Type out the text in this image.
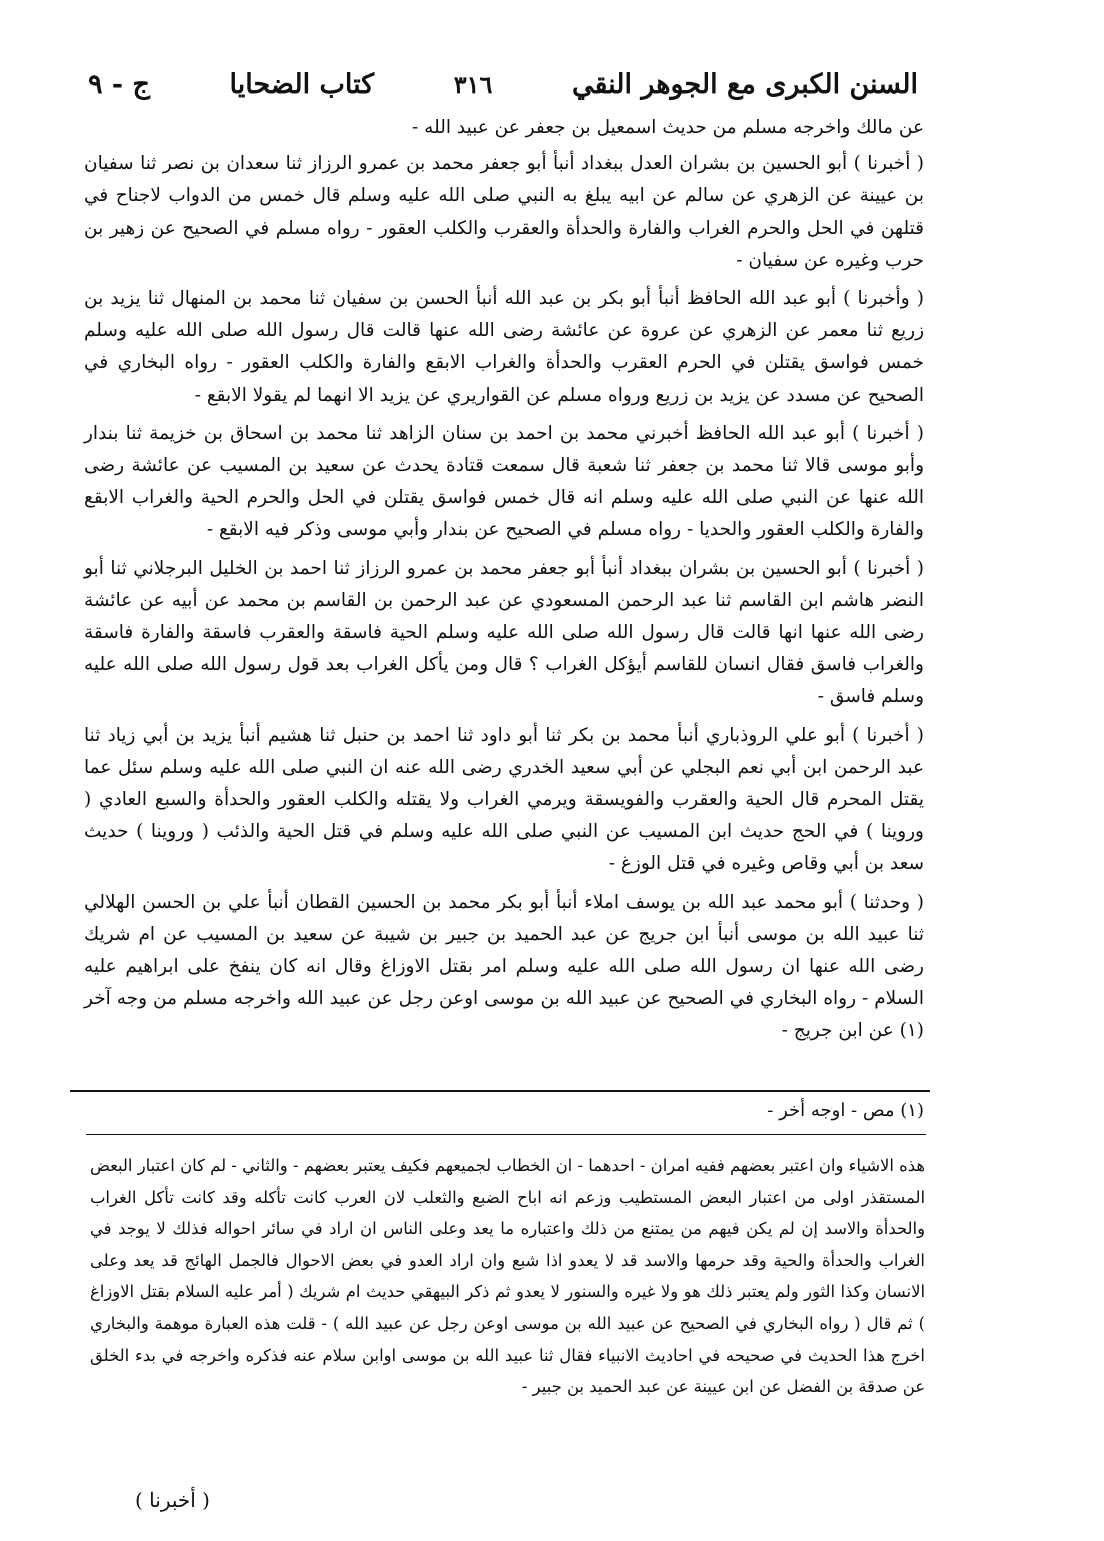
السنن الكبرى مع الجوهر النقي
٣١٦
كتاب الضحايا
ج - ٩

عن مالك واخرجه مسلم من حديث اسمعيل بن جعفر عن عبيد الله -

( أخبرنا ) أبو الحسين بن بشران العدل ببغداد أنبأ أبو جعفر محمد بن عمرو الرزاز ثنا سعدان بن نصر ثنا سفيان بن عيينة عن الزهري عن سالم عن ابيه يبلغ به النبي صلى الله عليه وسلم قال خمس من الدواب لاجناح في قتلهن في الحل والحرم الغراب والفارة والحدأة والعقرب والكلب العقور - رواه مسلم في الصحيح عن زهير بن حرب وغيره عن سفيان -

( وأخبرنا ) أبو عبد الله الحافظ أنبأ أبو بكر بن عبد الله أنبأ الحسن بن سفيان ثنا محمد بن المنهال ثنا يزيد بن زريع ثنا معمر عن الزهري عن عروة عن عائشة رضى الله عنها قالت قال رسول الله صلى الله عليه وسلم خمس فواسق يقتلن في الحرم العقرب والحدأة والغراب الابقع والفارة والكلب العقور - رواه البخاري في الصحيح عن مسدد عن يزيد بن زريع ورواه مسلم عن القواريري عن يزيد الا انهما لم يقولا الابقع -

( أخبرنا ) أبو عبد الله الحافظ أخبرني محمد بن احمد بن سنان الزاهد ثنا محمد بن اسحاق بن خزيمة ثنا بندار وأبو موسى قالا ثنا محمد بن جعفر ثنا شعبة قال سمعت قتادة يحدث عن سعيد بن المسيب عن عائشة رضى الله عنها عن النبي صلى الله عليه وسلم انه قال خمس فواسق يقتلن في الحل والحرم الحية والغراب الابقع والفارة والكلب العقور والحديا - رواه مسلم في الصحيح عن بندار وأبي موسى وذكر فيه الابقع -

( أخبرنا ) أبو الحسين بن بشران ببغداد أنبأ أبو جعفر محمد بن عمرو الرزاز ثنا احمد بن الخليل البرجلاني ثنا أبو النضر هاشم ابن القاسم ثنا عبد الرحمن المسعودي عن عبد الرحمن بن القاسم بن محمد عن أبيه عن عائشة رضى الله عنها انها قالت قال رسول الله صلى الله عليه وسلم الحية فاسقة والعقرب فاسقة والفارة فاسقة والغراب فاسق فقال انسان للقاسم أيؤكل الغراب ؟ قال ومن يأكل الغراب بعد قول رسول الله صلى الله عليه وسلم فاسق -

( أخبرنا ) أبو علي الروذباري أنبأ محمد بن بكر ثنا أبو داود ثنا احمد بن حنبل ثنا هشيم أنبأ يزيد بن أبي زياد ثنا عبد الرحمن ابن أبي نعم البجلي عن أبي سعيد الخدري رضى الله عنه ان النبي صلى الله عليه وسلم سئل عما يقتل المحرم قال الحية والعقرب والفويسقة ويرمي الغراب ولا يقتله والكلب العقور والحدأة والسبع العادي ( وروينا ) في الحج حديث ابن المسيب عن النبي صلى الله عليه وسلم في قتل الحية والذئب ( وروينا ) حديث سعد بن أبي وقاص وغيره في قتل الوزغ -

( وحدثنا ) أبو محمد عبد الله بن يوسف املاء أنبأ أبو بكر محمد بن الحسين القطان أنبأ علي بن الحسن الهلالي ثنا عبيد الله بن موسى أنبأ ابن جريج عن عبد الحميد بن جبير بن شيبة عن سعيد بن المسيب عن ام شريك رضى الله عنها ان رسول الله صلى الله عليه وسلم امر بقتل الاوزاغ وقال انه كان ينفخ على ابراهيم عليه السلام - رواه البخاري في الصحيح عن عبيد الله بن موسى اوعن رجل عن عبيد الله واخرجه مسلم من وجه آخر (١) عن ابن جريج -

(١) مص - اوجه أخر -

هذه الاشياء وان اعتبر بعضهم ففيه امران - احدهما - ان الخطاب لجميعهم فكيف يعتبر بعضهم - والثاني - لم كان اعتبار البعض المستقذر اولى من اعتبار البعض المستطيب وزعم انه اباح الضبع والثعلب لان العرب كانت تأكله وقد كانت تأكل الغراب والحدأة والاسد إن لم يكن فيهم من يمتنع من ذلك واعتباره ما يعد وعلى الناس ان اراد في سائر احواله فذلك لا يوجد في الغراب والحدأة والحية وقد حرمها والاسد قد لا يعدو اذا شبع وان اراد العدو في بعض الاحوال فالجمل الهائج قد يعد وعلى الانسان وكذا الثور ولم يعتبر ذلك هو ولا غيره والسنور لا يعدو ثم ذكر البيهقي حديث ام شريك ( أمر عليه السلام بقتل الاوزاغ ) ثم قال ( رواه البخاري في الصحيح عن عبيد الله بن موسى اوعن رجل عن عبيد الله ) - قلت هذه العبارة موهمة والبخاري اخرج هذا الحديث في صحيحه في احاديث الانبياء فقال ثنا عبيد الله بن موسى اوابن سلام عنه فذكره واخرجه في بدء الخلق عن صدقة بن الفضل عن ابن عيينة عن عبد الحميد بن جبير -

( أخبرنا )
